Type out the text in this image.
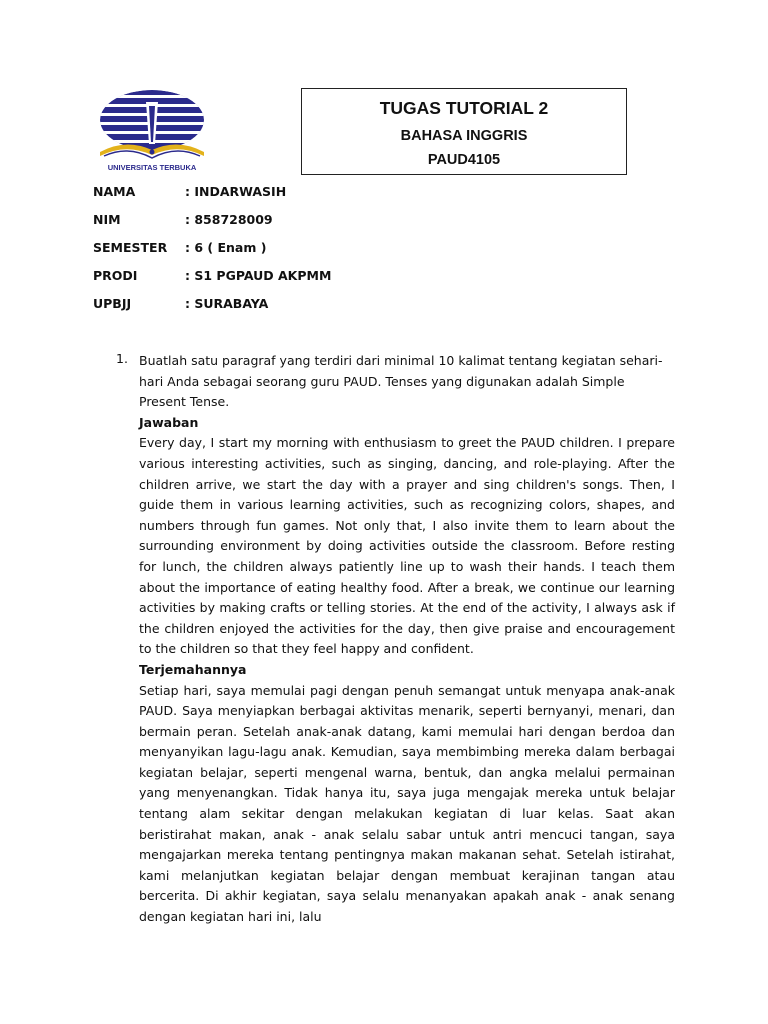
UNIVERSITAS TERBUKA
TUGAS TUTORIAL 2
BAHASA INGGRIS
PAUD4105
NAMA	: INDARWASIH
NIM	: 858728009
SEMESTER : 6 ( Enam )
PRODI	: S1 PGPAUD AKPMM
UPBJJ	: SURABAYA
1. Buatlah satu paragraf yang terdiri dari minimal 10 kalimat tentang kegiatan sehari-hari Anda sebagai seorang guru PAUD. Tenses yang digunakan adalah Simple Present Tense.

Jawaban

Every day, I start my morning with enthusiasm to greet the PAUD children. I prepare various interesting activities, such as singing, dancing, and role-playing. After the children arrive, we start the day with a prayer and sing children's songs. Then, I guide them in various learning activities, such as recognizing colors, shapes, and numbers through fun games. Not only that, I also invite them to learn about the surrounding environment by doing activities outside the classroom. Before resting for lunch, the children always patiently line up to wash their hands. I teach them about the importance of eating healthy food. After a break, we continue our learning activities by making crafts or telling stories. At the end of the activity, I always ask if the children enjoyed the activities for the day, then give praise and encouragement to the children so that they feel happy and confident.

Terjemahannya

Setiap hari, saya memulai pagi dengan penuh semangat untuk menyapa anak-anak PAUD. Saya menyiapkan berbagai aktivitas menarik, seperti bernyanyi, menari, dan bermain peran. Setelah anak-anak datang, kami memulai hari dengan berdoa dan menyanyikan lagu-lagu anak. Kemudian, saya membimbing mereka dalam berbagai kegiatan belajar, seperti mengenal warna, bentuk, dan angka melalui permainan yang menyenangkan. Tidak hanya itu, saya juga mengajak mereka untuk belajar tentang alam sekitar dengan melakukan kegiatan di luar kelas. Saat akan beristirahat makan, anak - anak selalu sabar untuk antri mencuci tangan, saya mengajarkan mereka tentang pentingnya makan makanan sehat. Setelah istirahat, kami melanjutkan kegiatan belajar dengan membuat kerajinan tangan atau bercerita. Di akhir kegiatan, saya selalu menanyakan apakah anak - anak senang dengan kegiatan hari ini, lalu
